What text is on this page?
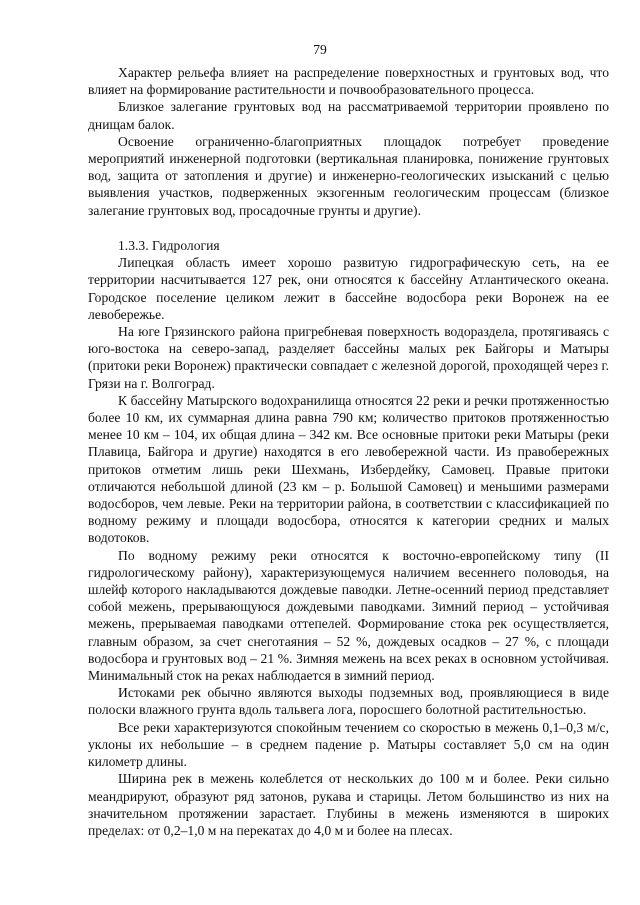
79

Характер рельефа влияет на распределение поверхностных и грунтовых вод, что влияет на формирование растительности и почвообразовательного процесса.

Близкое залегание грунтовых вод на рассматриваемой территории проявлено по днищам балок.

Освоение ограниченно-благоприятных площадок потребует проведение мероприятий инженерной подготовки (вертикальная планировка, понижение грунтовых вод, защита от затопления и другие) и инженерно-геологических изысканий с целью выявления участков, подверженных экзогенным геологическим процессам (близкое залегание грунтовых вод, просадочные грунты и другие).

1.3.3. Гидрология

Липецкая область имеет хорошо развитую гидрографическую сеть, на ее территории насчитывается 127 рек, они относятся к бассейну Атлантического океана. Городское поселение целиком лежит в бассейне водосбора реки Воронеж на ее левобережье.

На юге Грязинского района пригребневая поверхность водораздела, протягиваясь с юго-востока на северо-запад, разделяет бассейны малых рек Байгоры и Матыры (притоки реки Воронеж) практически совпадает с железной дорогой, проходящей через г. Грязи на г. Волгоград.

К бассейну Матырского водохранилища относятся 22 реки и речки протяженностью более 10 км, их суммарная длина равна 790 км; количество притоков протяженностью менее 10 км – 104, их общая длина – 342 км. Все основные притоки реки Матыры (реки Плавица, Байгора и другие) находятся в его левобережной части. Из правобережных притоков отметим лишь реки Шехмань, Избердейку, Самовец. Правые притоки отличаются небольшой длиной (23 км – р. Большой Самовец) и меньшими размерами водосборов, чем левые. Реки на территории района, в соответствии с классификацией по водному режиму и площади водосбора, относятся к категории средних и малых водотоков.

По водному режиму реки относятся к восточно-европейскому типу (II гидрологическому району), характеризующемуся наличием весеннего половодья, на шлейф которого накладываются дождевые паводки. Летне-осенний период представляет собой межень, прерывающуюся дождевыми паводками. Зимний период – устойчивая межень, прерываемая паводками оттепелей. Формирование стока рек осуществляется, главным образом, за счет снеготаяния – 52 %, дождевых осадков – 27 %, с площади водосбора и грунтовых вод – 21 %. Зимняя межень на всех реках в основном устойчивая. Минимальный сток на реках наблюдается в зимний период.

Истоками рек обычно являются выходы подземных вод, проявляющиеся в виде полоски влажного грунта вдоль тальвега лога, поросшего болотной растительностью.

Все реки характеризуются спокойным течением со скоростью в межень 0,1–0,3 м/с, уклоны их небольшие – в среднем падение р. Матыры составляет 5,0 см на один километр длины.

Ширина рек в межень колеблется от нескольких до 100 м и более. Реки сильно меандрируют, образуют ряд затонов, рукава и старицы. Летом большинство из них на значительном протяжении зарастает. Глубины в межень изменяются в широких пределах: от 0,2–1,0 м на перекатах до 4,0 м и более на плесах.
